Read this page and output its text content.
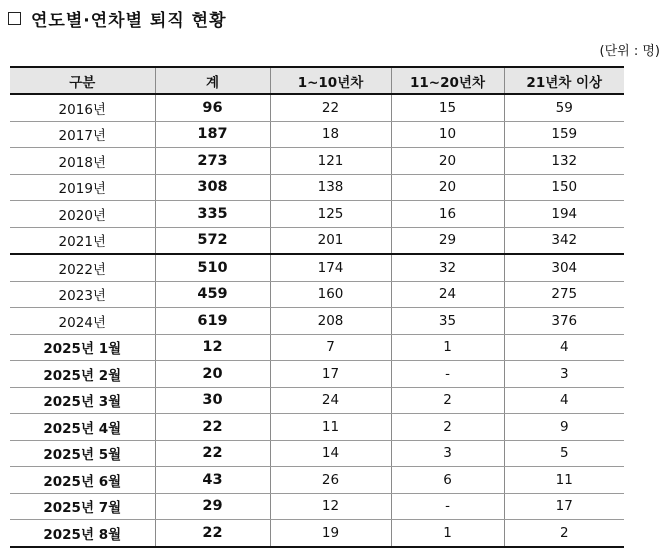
연도별·연차별 퇴직 현황
(단위 : 명)
구분	계	1~10년차	11~20년차	21년차 이상
2016년	96	22	15	59
2017년	187	18	10	159
2018년	273	121	20	132
2019년	308	138	20	150
2020년	335	125	16	194
2021년	572	201	29	342
2022년	510	174	32	304
2023년	459	160	24	275
2024년	619	208	35	376
2025년 1월	12	7	1	4
2025년 2월	20	17	-	3
2025년 3월	30	24	2	4
2025년 4월	22	11	2	9
2025년 5월	22	14	3	5
2025년 6월	43	26	6	11
2025년 7월	29	12	-	17
2025년 8월	22	19	1	2
